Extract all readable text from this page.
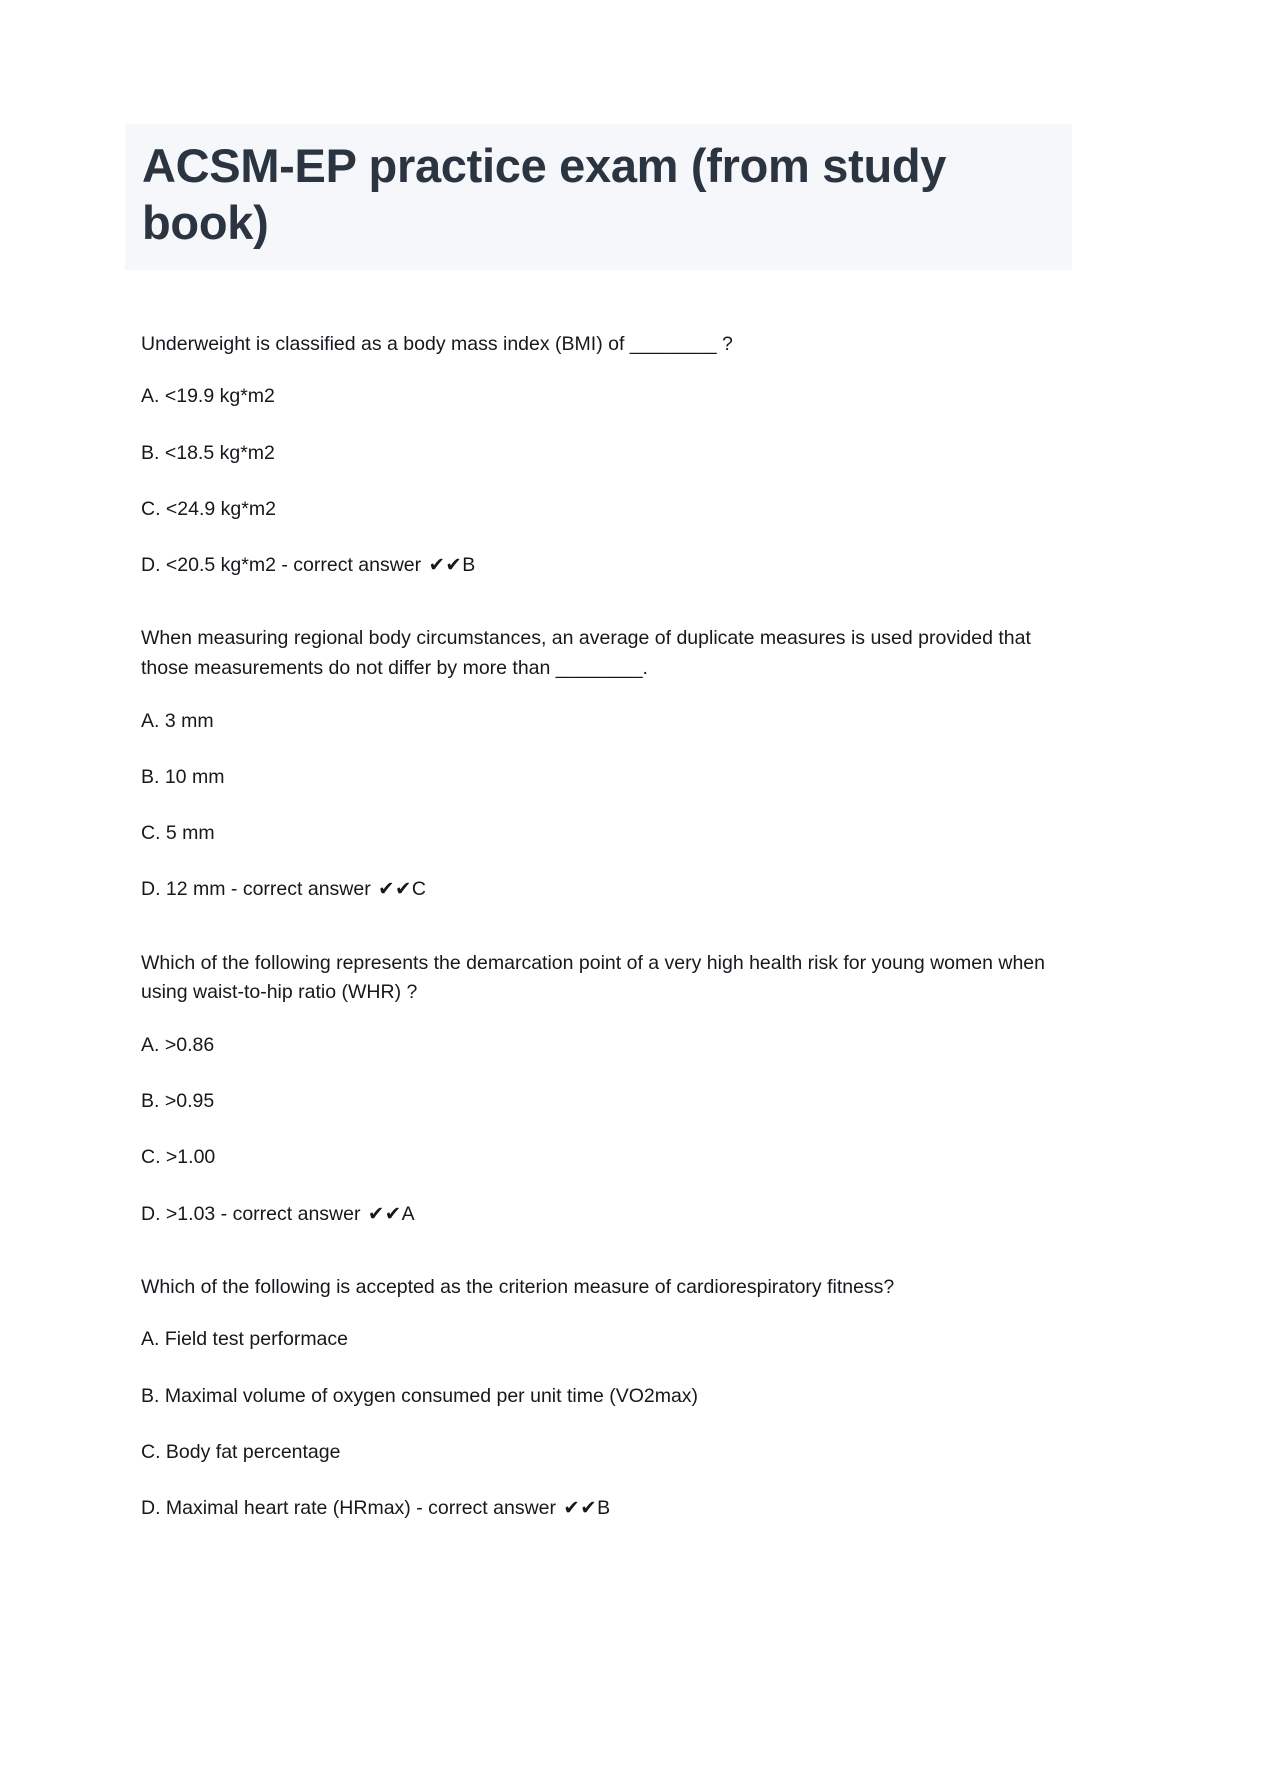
ACSM-EP practice exam (from study book)

Underweight is classified as a body mass index (BMI) of ________ ?

A. <19.9 kg*m2

B. <18.5 kg*m2

C. <24.9 kg*m2

D. <20.5 kg*m2 - correct answer ✔✔B

When measuring regional body circumstances, an average of duplicate measures is used provided that those measurements do not differ by more than ________.

A. 3 mm

B. 10 mm

C. 5 mm

D. 12 mm - correct answer ✔✔C

Which of the following represents the demarcation point of a very high health risk for young women when using waist-to-hip ratio (WHR) ?

A. >0.86

B. >0.95

C. >1.00

D. >1.03 - correct answer ✔✔A

Which of the following is accepted as the criterion measure of cardiorespiratory fitness?

A. Field test performace

B. Maximal volume of oxygen consumed per unit time (VO2max)

C. Body fat percentage

D. Maximal heart rate (HRmax) - correct answer ✔✔B
